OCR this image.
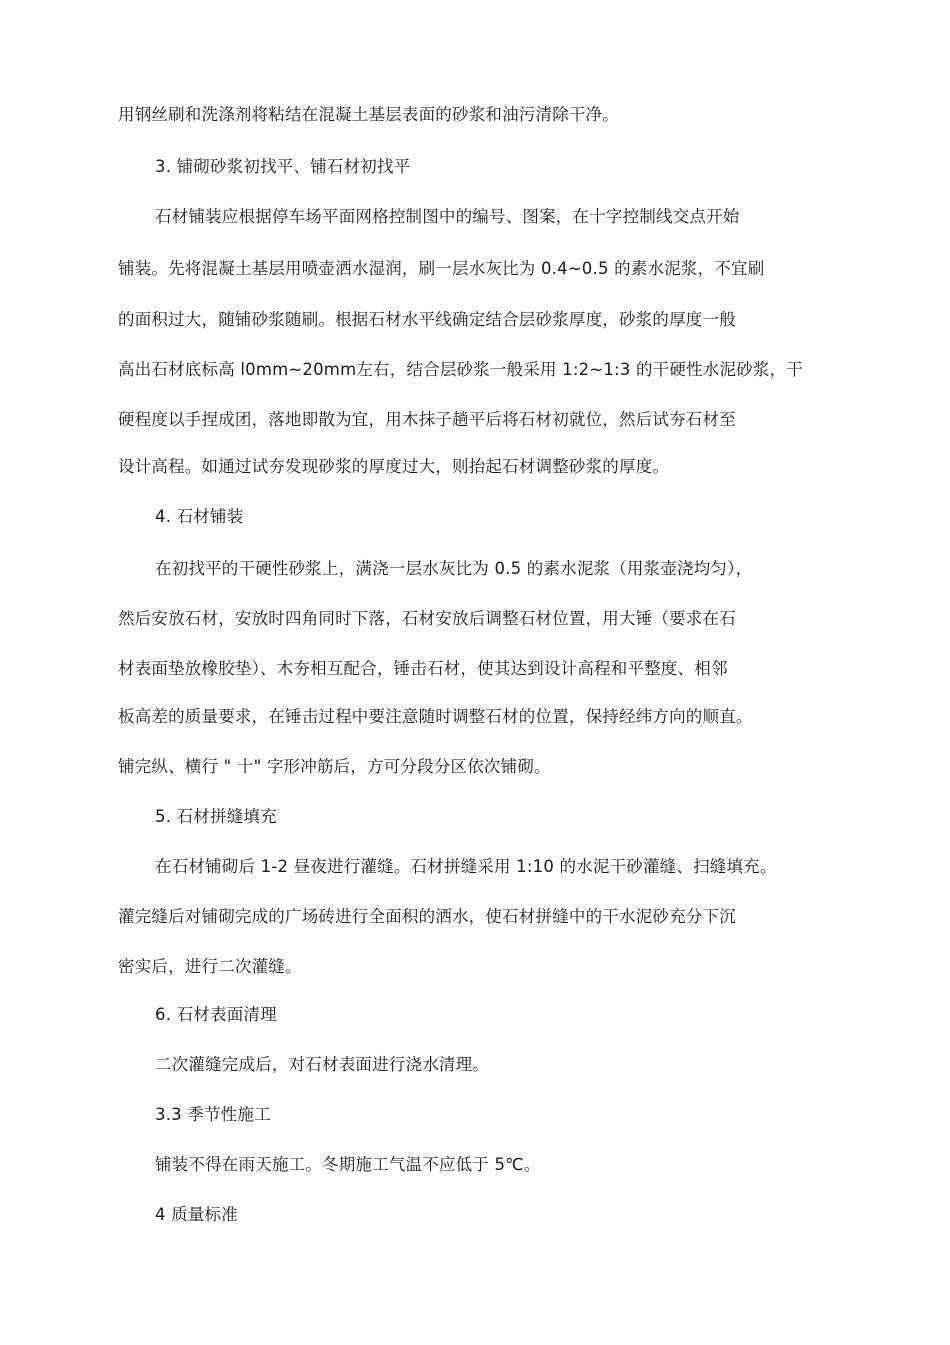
用钢丝刷和洗涤剂将粘结在混凝土基层表面的砂浆和油污清除干净。
3. 铺砌砂浆初找平、铺石材初找平
石材铺装应根据停车场平面网格控制图中的编号、图案，在十字控制线交点开始
铺装。先将混凝土基层用喷壶洒水湿润，刷一层水灰比为 0.4~0.5 的素水泥浆，不宜刷
的面积过大，随铺砂浆随刷。根据石材水平线确定结合层砂浆厚度，砂浆的厚度一般
高出石材底标高 l0mm~20mm左右，结合层砂浆一般采用 1:2~1:3 的干硬性水泥砂浆，干
硬程度以手捏成团，落地即散为宜，用木抹子趟平后将石材初就位，然后试夯石材至
设计高程。如通过试夯发现砂浆的厚度过大，则抬起石材调整砂浆的厚度。
4. 石材铺装
在初找平的干硬性砂浆上，满浇一层水灰比为 0.5 的素水泥浆（用浆壶浇均匀），
然后安放石材，安放时四角同时下落，石材安放后调整石材位置，用大锤（要求在石
材表面垫放橡胶垫）、木夯相互配合，锤击石材，使其达到设计高程和平整度、相邻
板高差的质量要求，在锤击过程中要注意随时调整石材的位置，保持经纬方向的顺直。
铺完纵、横行 " 十" 字形冲筋后，方可分段分区依次铺砌。
5. 石材拼缝填充
在石材铺砌后 1-2 昼夜进行灌缝。石材拼缝采用 1:10 的水泥干砂灌缝、扫缝填充。
灌完缝后对铺砌完成的广场砖进行全面积的洒水，使石材拼缝中的干水泥砂充分下沉
密实后，进行二次灌缝。
6. 石材表面清理
二次灌缝完成后，对石材表面进行浇水清理。
3.3 季节性施工
铺装不得在雨天施工。冬期施工气温不应低于 5℃。
4 质量标准
